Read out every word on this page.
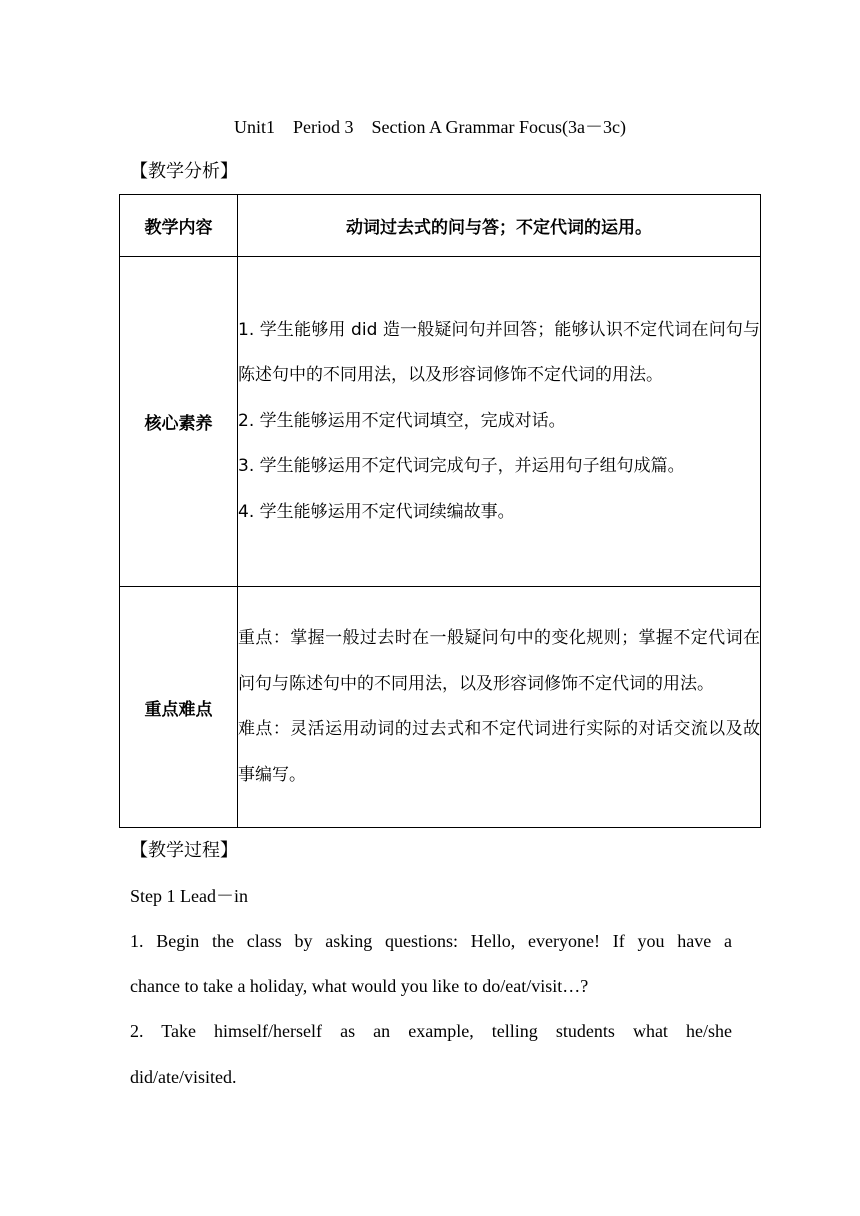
Unit1    Period 3    Section A Grammar Focus(3a－3c)
【教学分析】
教学内容	动词过去式的问与答；不定代词的运用。
核心素养	1. 学生能够用 did 造一般疑问句并回答；能够认识不定代词在问句与陈述句中的不同用法，以及形容词修饰不定代词的用法。
2. 学生能够运用不定代词填空，完成对话。
3. 学生能够运用不定代词完成句子，并运用句子组句成篇。
4. 学生能够运用不定代词续编故事。

重点难点	重点：掌握一般过去时在一般疑问句中的变化规则；掌握不定代词在问句与陈述句中的不同用法，以及形容词修饰不定代词的用法。
难点：灵活运用动词的过去式和不定代词进行实际的对话交流以及故事编写。
【教学过程】
Step 1 Lead－in
1. Begin the class by asking questions: Hello, everyone! If you have a
chance to take a holiday, what would you like to do/eat/visit…?
2. Take himself/herself as an example, telling students what he/she
did/ate/visited.
